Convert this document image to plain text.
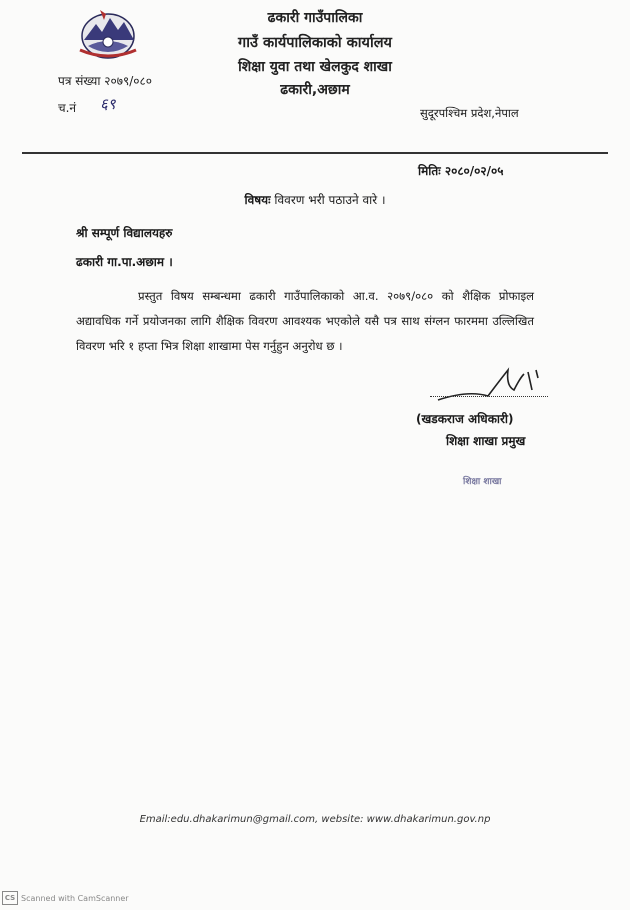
ढकारी गाउँपालिका
गाउँ कार्यपालिकाको कार्यालय
शिक्षा युवा तथा खेलकुद शाखा
ढकारी,अछाम
पत्र संख्या २०७९/०८०
च.नं ६९	सुदूरपश्चिम प्रदेश,नेपाल
मितिः २०८०/०२/०५
विषयः विवरण भरी पठाउने वारे ।
श्री सम्पूर्ण विद्यालयहरु
ढकारी गा.पा.अछाम ।
प्रस्तुत विषय सम्बन्धमा ढकारी गाउँपालिकाको आ.व. २०७९/०८० को शैक्षिक प्रोफाइल अद्यावधिक गर्ने प्रयोजनका लागि शैक्षिक विवरण आवश्यक भएकोले यसै पत्र साथ संग्लन फारममा उल्लिखित विवरण भरि १ हप्ता भित्र शिक्षा शाखामा पेस गर्नुहुन अनुरोध छ ।
(खडकराज अधिकारी)
शिक्षा शाखा प्रमुख
शिक्षा शाखा
Email:edu.dhakarimun@gmail.com, website: www.dhakarimun.gov.np
CS Scanned with CamScanner
